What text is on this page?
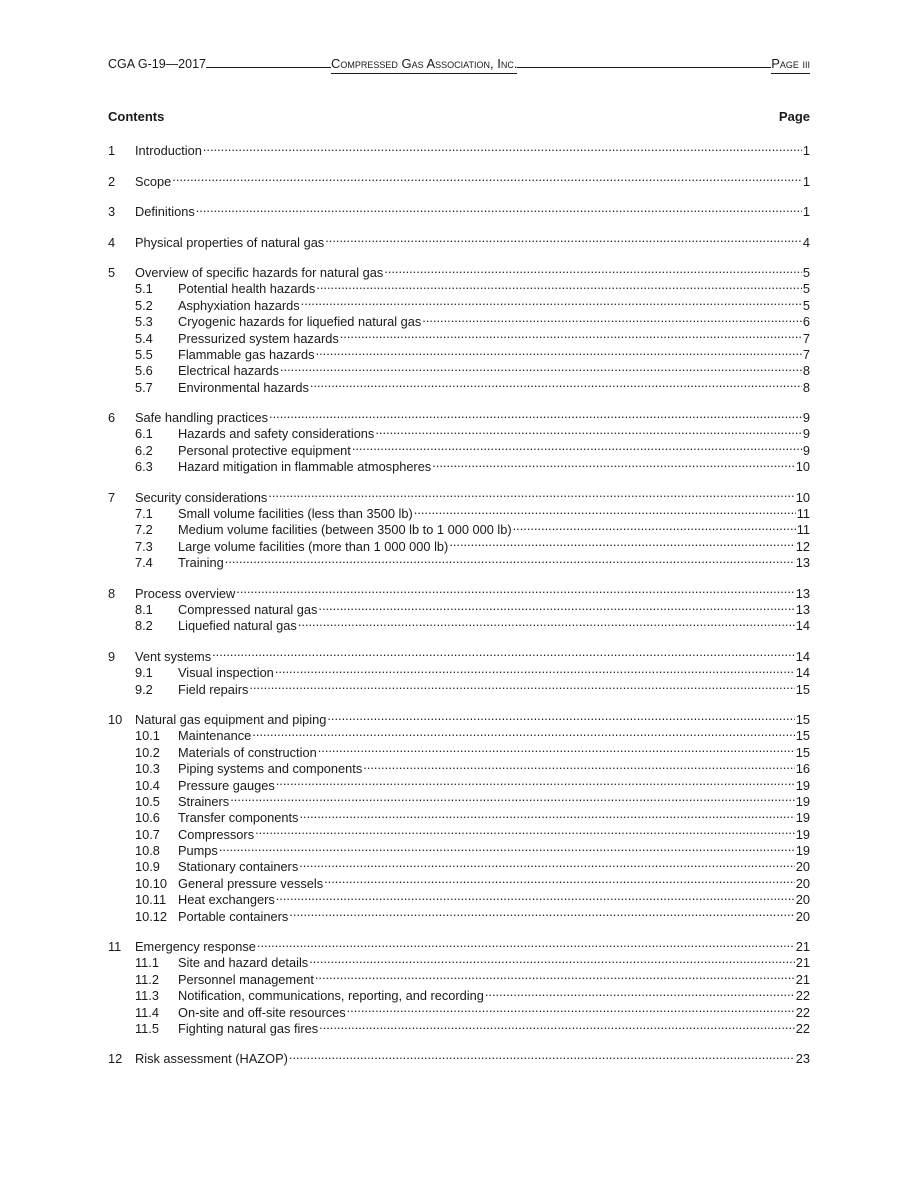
CGA G-19—2017	Compressed Gas Association, Inc.	Page iii
Contents	Page
1	Introduction .....	1
2	Scope .....	1
3	Definitions .....	1
4	Physical properties of natural gas .....	4
5	Overview of specific hazards for natural gas .....	5
5.1	Potential health hazards .....	5
5.2	Asphyxiation hazards .....	5
5.3	Cryogenic hazards for liquefied natural gas .....	6
5.4	Pressurized system hazards .....	7
5.5	Flammable gas hazards .....	7
5.6	Electrical hazards .....	8
5.7	Environmental hazards .....	8
6	Safe handling practices .....	9
6.1	Hazards and safety considerations .....	9
6.2	Personal protective equipment .....	9
6.3	Hazard mitigation in flammable atmospheres .....	10
7	Security considerations .....	10
7.1	Small volume facilities (less than 3500 lb) .....	11
7.2	Medium volume facilities (between 3500 lb to 1 000 000 lb) .....	11
7.3	Large volume facilities (more than 1 000 000 lb) .....	12
7.4	Training .....	13
8	Process overview .....	13
8.1	Compressed natural gas .....	13
8.2	Liquefied natural gas .....	14
9	Vent systems .....	14
9.1	Visual inspection .....	14
9.2	Field repairs .....	15
10 Natural gas equipment and piping .....	15
10.1	Maintenance .....	15
10.2	Materials of construction .....	15
10.3	Piping systems and components .....	16
10.4	Pressure gauges .....	19
10.5	Strainers .....	19
10.6	Transfer components .....	19
10.7	Compressors .....	19
10.8	Pumps .....	19
10.9	Stationary containers .....	20
10.10 General pressure vessels .....	20
10.11 Heat exchangers .....	20
10.12 Portable containers .....	20
11	Emergency response .....	21
11.1	Site and hazard details .....	21
11.2	Personnel management .....	21
11.3	Notification, communications, reporting, and recording .....	22
11.4	On-site and off-site resources .....	22
11.5	Fighting natural gas fires .....	22
12 Risk assessment (HAZOP) .....	23
